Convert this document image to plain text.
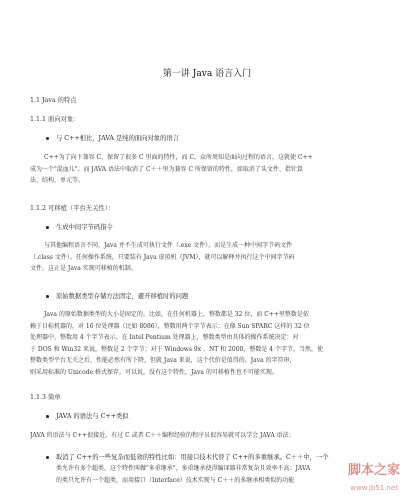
第一讲 Java 语言入门
1.1 Java 的特点
1.1.1 面向对象：
与 C++相比，JAVA 是纯的面向对象的语言
C++为了向下兼容 C，保留了很多 C 里面的特性，而 C，众所周知是面向过程的语言，这就使 C++
成为一个"混血儿"。而 JAVA 语法中取消了 C＋＋里为兼容 C 所保留的特性，如取消了头文件、指针算
法、结构、单元等。
1.1.2 可移植（平台无关性）：
生成中间字节码指令
与其他编程语言不同，Java 并不生成可执行文件（.exe 文件），而是生成一种中间字节码文件
（.class 文件）。任何操作系统，只要装有 Java 虚拟机（JVM），就可以解释并执行这个中间字节码
文件。这正是 Java 实现可移植的机制。
原始数据类型存储方法固定，避开移植时的问题
Java 的原始数据类型的大小是固定的。比如，在任何机器上，整数都是 32 位，而 C++里整数是依
赖于目标机器的，对 16 位处理器（比如 8086），整数用两个字节表示；在像 Sun SPARC 这样的 32 位
处理器中，整数用 4 个字节表示。在 Intel Pentium 处理器上，整数类型由具体的操作系统决定：对
于 DOS 和 Win32 来说，整数是 2 个字节；对于 Windows 9x 、NT 和 2000，整数是 4 个字节。当然，使
整数类型平台无关之后，性能必然有所下降，但就 Java 来说，这个代价是值得的。Java 的字符串，
则采用标准的 Unicode 格式保存。可以说，没有这个特性，Java 的可移植性也不可能实现。
1.1.3 简单
JAVA 的语法与 C++类似
JAVA 的语法与 C++很接近，有过 C 或者 C＋＋编程经验的程序员很容易就可以学会 JAVA 语法；
取消了 C++的一些复杂而低效的特性比如：用接口技术代替了 C++的多重继承。C＋＋中，一个
类允许有多个超类，这个特性叫做"多重继承"，多重继承使得编译器非常复杂且效率不高；JAVA
的类只允许有一个超类，而用接口（Interface）技术实现与 C＋＋的多继承相类似的功能
脚本之家
www.jb51.net
